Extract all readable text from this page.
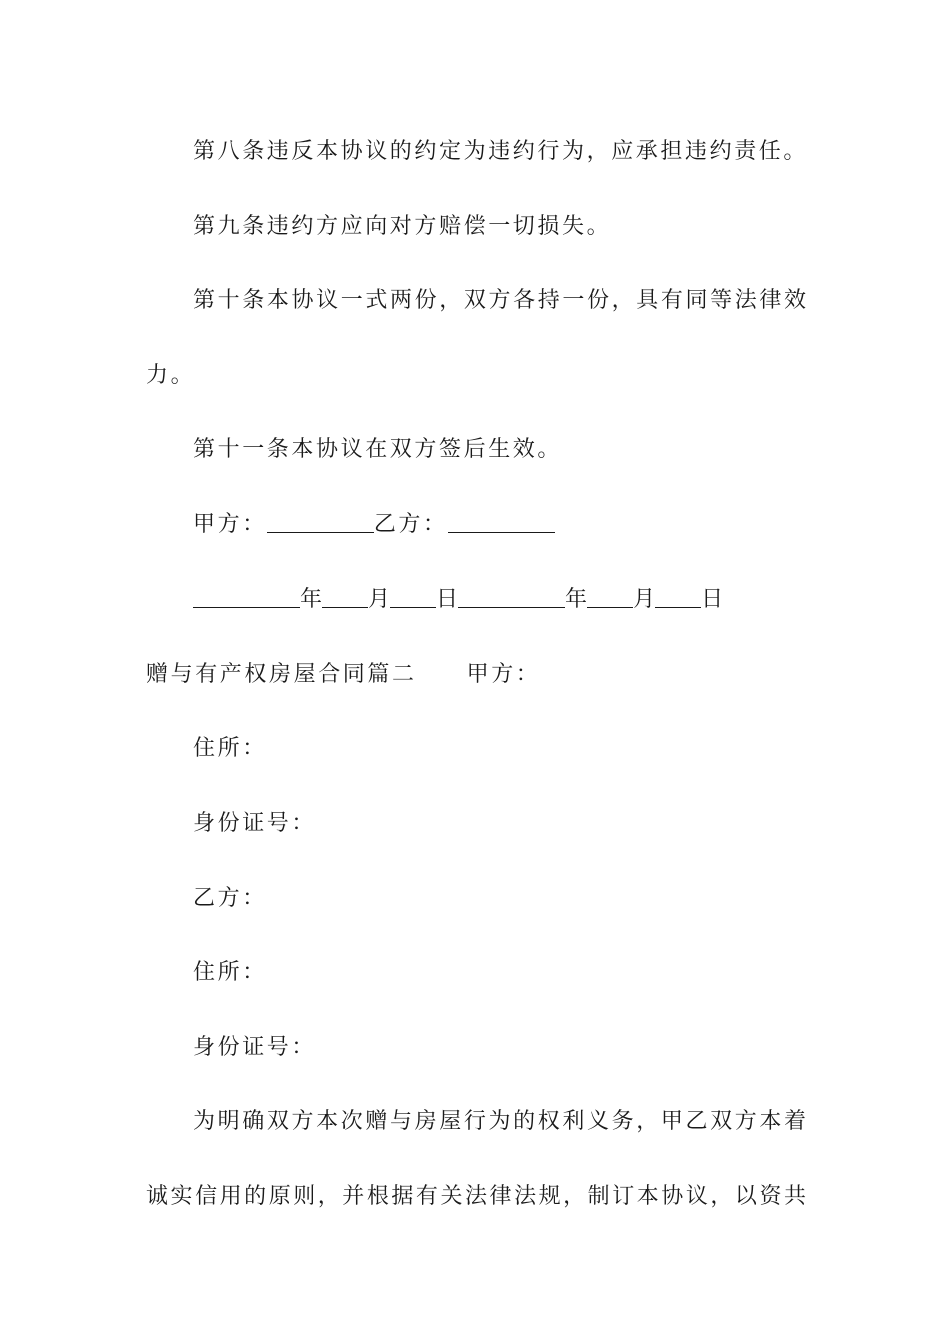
第八条违反本协议的约定为违约行为，应承担违约责任。
第九条违约方应向对方赔偿一切损失。
第十条本协议一式两份，双方各持一份，具有同等法律效
力。
第十一条本协议在双方签后生效。
甲方：	乙方：
年 月 日	年 月 日
赠与有产权房屋合同篇二 甲方：
住所：
身份证号：
乙方：
住所：
身份证号：
为明确双方本次赠与房屋行为的权利义务，甲乙双方本着
诚实信用的原则，并根据有关法律法规，制订本协议，以资共
